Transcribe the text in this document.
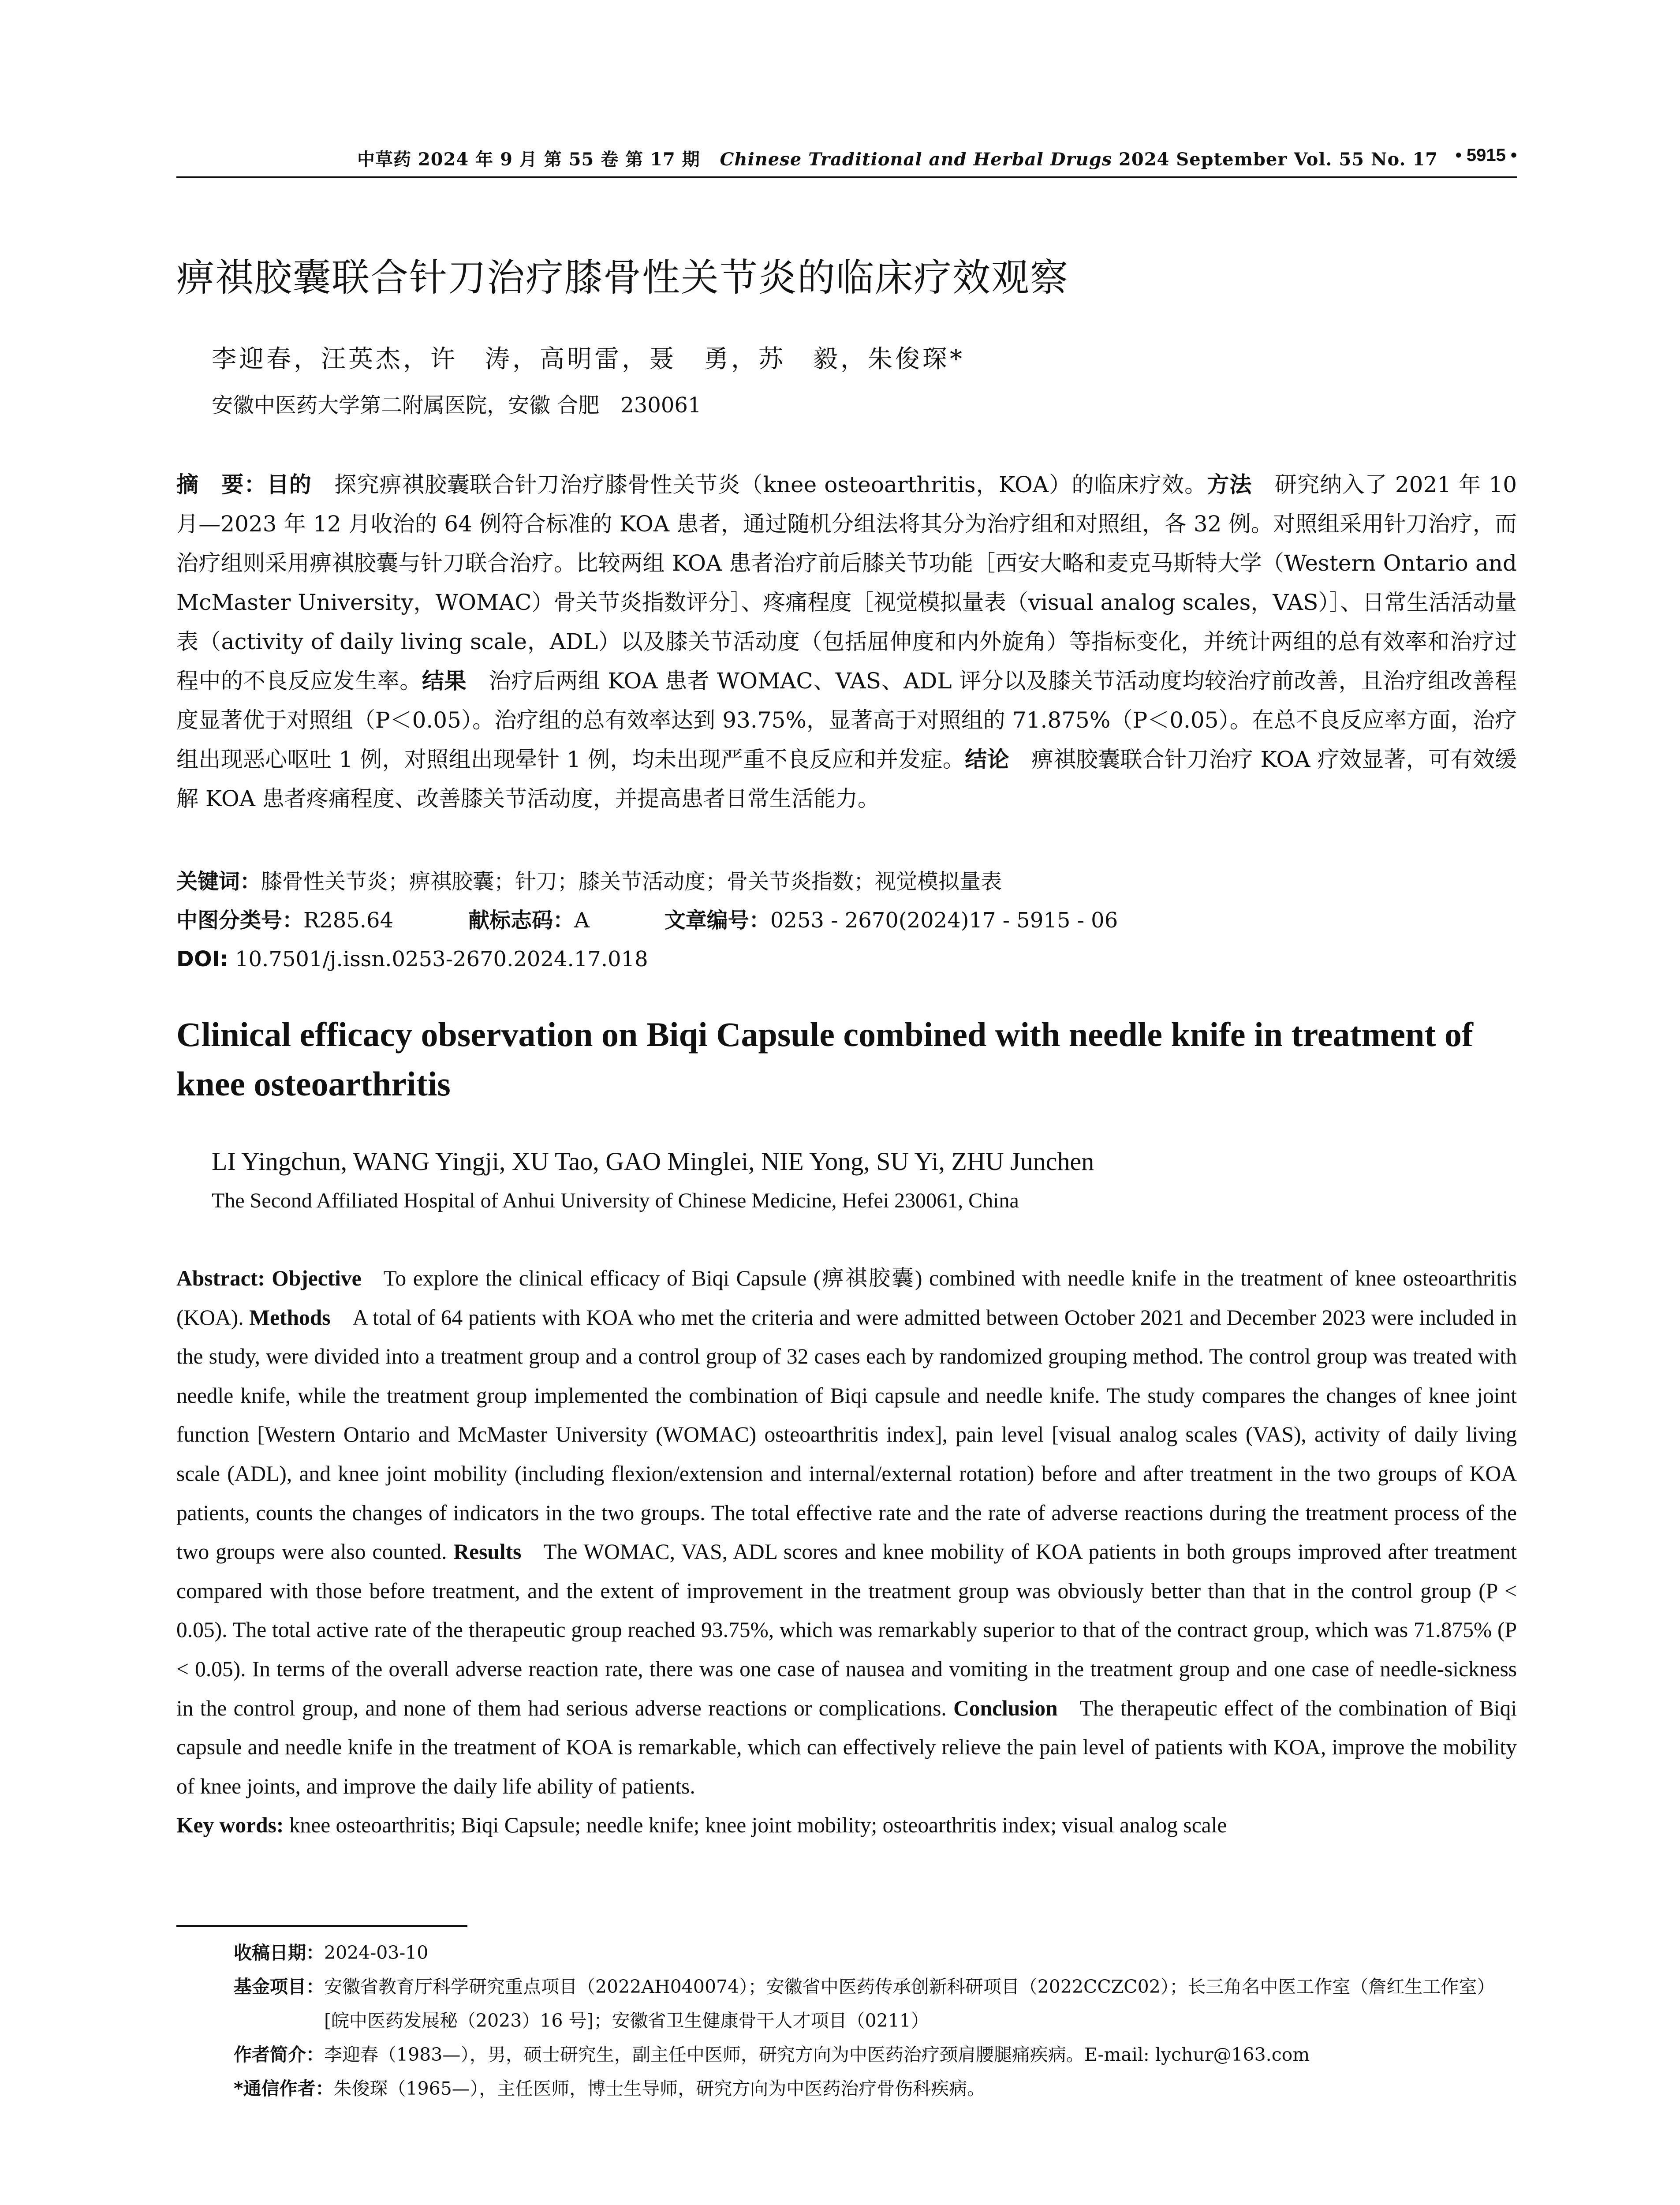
中草药 2024 年 9 月 第 55 卷 第 17 期 Chinese Traditional and Herbal Drugs 2024 September Vol. 55 No. 17 • 5915 •
痹祺胶囊联合针刀治疗膝骨性关节炎的临床疗效观察
李迎春，汪英杰，许　涛，高明雷，聂　勇，苏　毅，朱俊琛*
安徽中医药大学第二附属医院，安徽 合肥　230061

摘　要：目的　探究痹祺胶囊联合针刀治疗膝骨性关节炎（knee osteoarthritis，KOA）的临床疗效。方法　研究纳入了 2021 年 10 月—2023 年 12 月收治的 64 例符合标准的 KOA 患者，通过随机分组法将其分为治疗组和对照组，各 32 例。对照组采用针刀治疗，而治疗组则采用痹祺胶囊与针刀联合治疗。比较两组 KOA 患者治疗前后膝关节功能［西安大略和麦克马斯特大学（Western Ontario and McMaster University，WOMAC）骨关节炎指数评分］、疼痛程度［视觉模拟量表（visual analog scales，VAS）］、日常生活活动量表（activity of daily living scale，ADL）以及膝关节活动度（包括屈伸度和内外旋角）等指标变化，并统计两组的总有效率和治疗过程中的不良反应发生率。结果　治疗后两组 KOA 患者 WOMAC、VAS、ADL 评分以及膝关节活动度均较治疗前改善，且治疗组改善程度显著优于对照组（P＜0.05）。治疗组的总有效率达到 93.75%，显著高于对照组的 71.875%（P＜0.05）。在总不良反应率方面，治疗组出现恶心呕吐 1 例，对照组出现晕针 1 例，均未出现严重不良反应和并发症。结论　痹祺胶囊联合针刀治疗 KOA 疗效显著，可有效缓解 KOA 患者疼痛程度、改善膝关节活动度，并提高患者日常生活能力。

关键词：膝骨性关节炎；痹祺胶囊；针刀；膝关节活动度；骨关节炎指数；视觉模拟量表
中图分类号：R285.64	献标志码：A	文章编号：0253 - 2670(2024)17 - 5915 - 06
DOI: 10.7501/j.issn.0253-2670.2024.17.018
Clinical efficacy observation on Biqi Capsule combined with needle knife in treatment of knee osteoarthritis
LI Yingchun, WANG Yingji, XU Tao, GAO Minglei, NIE Yong, SU Yi, ZHU Junchen
The Second Affiliated Hospital of Anhui University of Chinese Medicine, Hefei 230061, China

Abstract: Objective To explore the clinical efficacy of Biqi Capsule (痹祺胶囊) combined with needle knife in the treatment of knee osteoarthritis (KOA). Methods A total of 64 patients with KOA who met the criteria and were admitted between October 2021 and December 2023 were included in the study, were divided into a treatment group and a control group of 32 cases each by randomized grouping method. The control group was treated with needle knife, while the treatment group implemented the combination of Biqi capsule and needle knife. The study compares the changes of knee joint function [Western Ontario and McMaster University (WOMAC) osteoarthritis index], pain level [visual analog scales (VAS), activity of daily living scale (ADL), and knee joint mobility (including flexion/extension and internal/external rotation) before and after treatment in the two groups of KOA patients, counts the changes of indicators in the two groups. The total effective rate and the rate of adverse reactions during the treatment process of the two groups were also counted. Results The WOMAC, VAS, ADL scores and knee mobility of KOA patients in both groups improved after treatment compared with those before treatment, and the extent of improvement in the treatment group was obviously better than that in the control group (P < 0.05). The total active rate of the therapeutic group reached 93.75%, which was remarkably superior to that of the contract group, which was 71.875% (P < 0.05). In terms of the overall adverse reaction rate, there was one case of nausea and vomiting in the treatment group and one case of needle-sickness in the control group, and none of them had serious adverse reactions or complications. Conclusion The therapeutic effect of the combination of Biqi capsule and needle knife in the treatment of KOA is remarkable, which can effectively relieve the pain level of patients with KOA, improve the mobility of knee joints, and improve the daily life ability of patients.

Key words: knee osteoarthritis; Biqi Capsule; needle knife; knee joint mobility; osteoarthritis index; visual analog scale

收稿日期： 2024-03-10
基金项目： 安徽省教育厅科学研究重点项目（2022AH040074）；安徽省中医药传承创新科研项目（2022CCZC02）；长三角名中医工作室（詹红生工作室）[皖中医药发展秘（2023）16 号]；安徽省卫生健康骨干人才项目（0211）
作者简介： 李迎春（1983—），男，硕士研究生，副主任中医师，研究方向为中医药治疗颈肩腰腿痛疾病。E-mail: lychur@163.com
*通信作者： 朱俊琛（1965—），主任医师，博士生导师，研究方向为中医药治疗骨伤科疾病。
